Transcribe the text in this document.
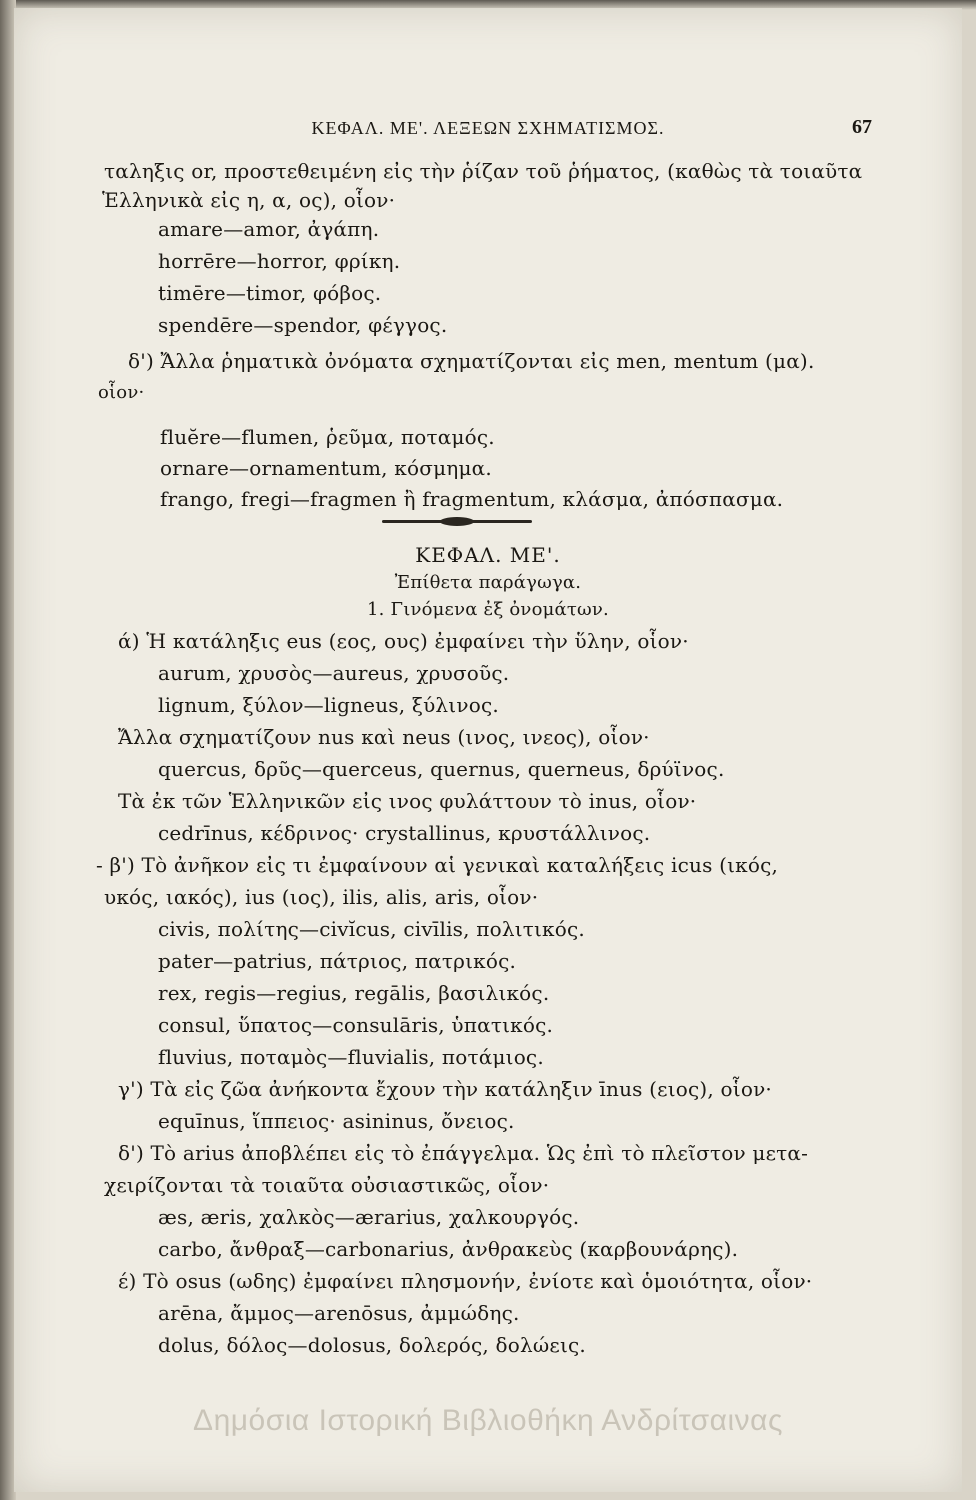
ΚΕΦΑΛ. ΜΕ'. ΛΕΞΕΩΝ ΣΧΗΜΑΤΙΣΜΟΣ.	67
ταληξις or, προστεθειμένη εἰς τὴν ῥίζαν τοῦ ῥήματος, (καθὼς τὰ τοιαῦτα
Ἑλληνικὰ εἰς η, α, ος), οἷον·
amare—amor, ἀγάπη.
horrēre—horror, φρίκη.
timēre—timor, φόβος.
spendēre—spendor, φέγγος.
δ') Ἄλλα ῥηματικὰ ὀνόματα σχηματίζονται εἰς men, mentum (μα).
οἷον·
fluĕre—flumen, ῥεῦμα, ποταμός.
ornare—ornamentum, κόσμημα.
frango, fregi—fragmen ἢ fragmentum, κλάσμα, ἀπόσπασμα.
ΚΕΦΑΛ. ΜΕ'.
Ἐπίθετα παράγωγα.
1. Γινόμενα ἐξ ὀνομάτων.
ά) Ἡ κατάληξις eus (εος, ους) ἐμφαίνει τὴν ὕλην, οἷον·
aurum, χρυσὸς—aureus, χρυσοῦς.
lignum, ξύλον—ligneus, ξύλινος.
Ἄλλα σχηματίζουν nus καὶ neus (ινος, ινεος), οἷον·
quercus, δρῦς—querceus, quernus, querneus, δρύϊνος.
Τὰ ἐκ τῶν Ἑλληνικῶν εἰς ινος φυλάττουν τὸ inus, οἷον·
cedrīnus, κέδρινος· crystallinus, κρυστάλλινος.
- β') Τὸ ἀνῆκον εἰς τι ἐμφαίνουν αἱ γενικαὶ καταλήξεις icus (ικός,
υκός, ιακός), ius (ιος), ilis, alis, aris, οἷον·
civis, πολίτης—civĭcus, civīlis, πολιτικός.
pater—patrius, πάτριος, πατρικός.
rex, regis—regius, regālis, βασιλικός.
consul, ὕπατος—consulāris, ὑπατικός.
fluvius, ποταμὸς—fluvialis, ποτάμιος.
γ') Τὰ εἰς ζῶα ἀνήκοντα ἔχουν τὴν κατάληξιν īnus (ειος), οἷον·
equīnus, ἵππειος· asininus, ὄνειος.
δ') Τὸ arius ἀποβλέπει εἰς τὸ ἐπάγγελμα. Ὡς ἐπὶ τὸ πλεῖστον μετα-
χειρίζονται τὰ τοιαῦτα οὐσιαστικῶς, οἷον·
æs, æris, χαλκὸς—ærarius, χαλκουργός.
carbo, ἄνθραξ—carbonarius, ἀνθρακεὺς (καρβουνάρης).
έ) Τὸ osus (ωδης) ἐμφαίνει πλησμονήν, ἐνίοτε καὶ ὁμοιότητα, οἷον·
arēna, ἄμμος—arenōsus, ἀμμώδης.
dolus, δόλος—dolosus, δολερός, δολώεις.
Δημόσια Ιστορική Βιβλιοθήκη Ανδρίτσαινας
